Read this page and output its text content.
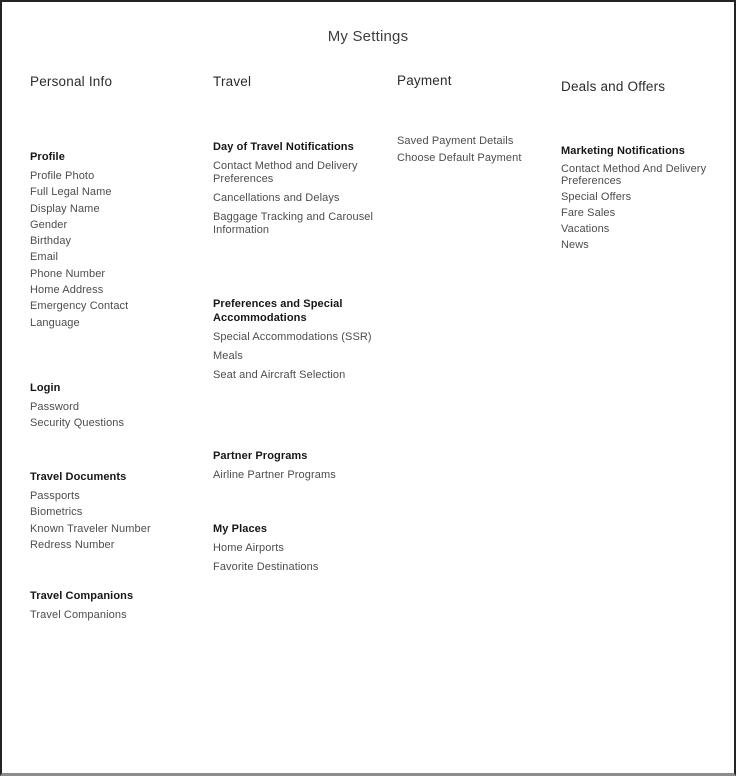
My Settings
Personal Info	Travel	Payment	Deals and Offers
Profile
Profile Photo
Full Legal Name
Display Name
Gender
Birthday
Email
Phone Number
Home Address
Emergency Contact
Language
Login
Password
Security Questions
Travel Documents
Passports
Biometrics
Known Traveler Number
Redress Number
Travel Companions
Travel Companions
Day of Travel Notifications
Contact Method and Delivery Preferences
Cancellations and Delays
Baggage Tracking and Carousel Information
Preferences and Special Accommodations
Special Accommodations (SSR)
Meals
Seat and Aircraft Selection
Partner Programs
Airline Partner Programs
My Places
Home Airports
Favorite Destinations
Saved Payment Details
Choose Default Payment
Marketing Notifications
Contact Method And Delivery Preferences
Special Offers
Fare Sales
Vacations
News
